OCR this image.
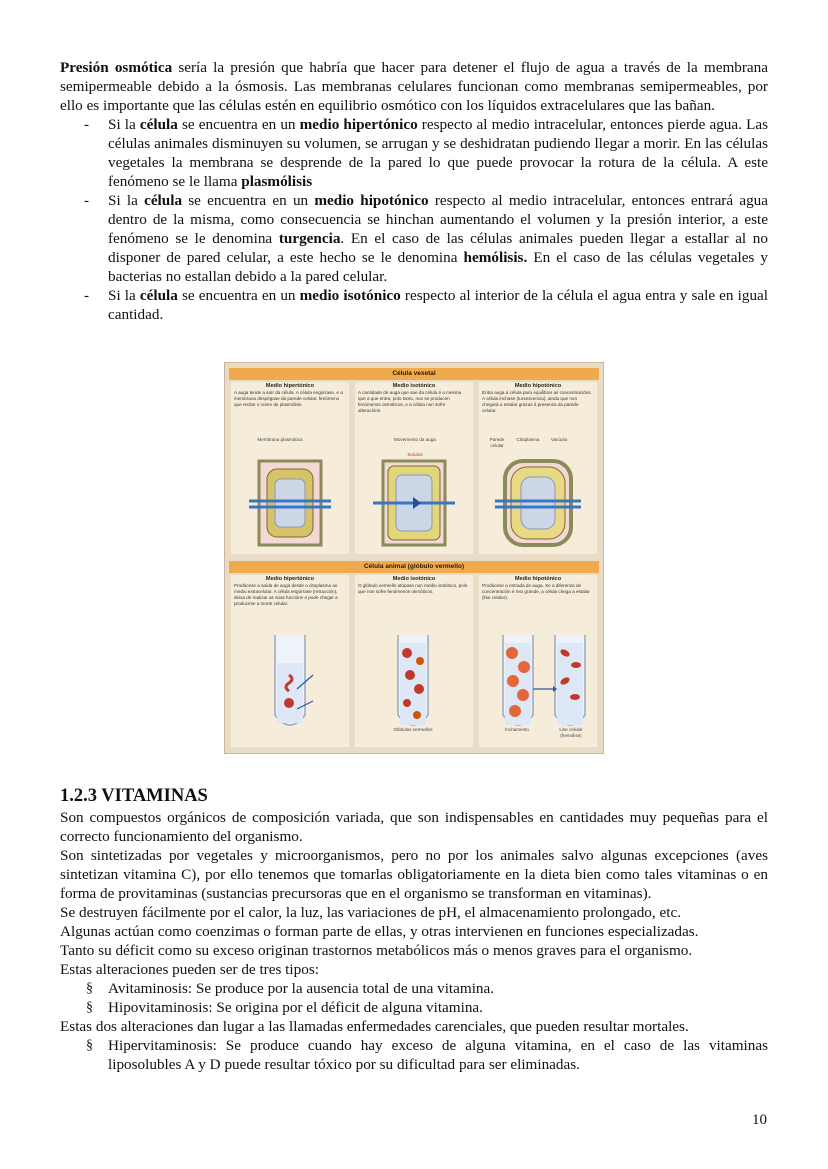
Presión osmótica sería la presión que habría que hacer para detener el flujo de agua a través de la membrana semipermeable debido a la ósmosis. Las membranas celulares funcionan como membranas semipermeables, por ello es importante que las células estén en equilibrio osmótico con los líquidos extracelulares que las bañan.
- Si la célula se encuentra en un medio hipertónico respecto al medio intracelular, entonces pierde agua. Las células animales disminuyen su volumen, se arrugan y se deshidratan pudiendo llegar a morir. En las células vegetales la membrana se desprende de la pared lo que puede provocar la rotura de la célula. A este fenómeno se le llama plasmólisis
- Si la célula se encuentra en un medio hipotónico respecto al medio intracelular, entonces entrará agua dentro de la misma, como consecuencia se hinchan aumentando el volumen y la presión interior, a este fenómeno se le denomina turgencia. En el caso de las células animales pueden llegar a estallar al no disponer de pared celular, a este hecho se le denomina hemólisis. En el caso de las células vegetales y bacterias no estallan debido a la pared celular.
- Si la célula se encuentra en un medio isotónico respecto al interior de la célula el agua entra y sale en igual cantidad.
Célula vexetal
Medio hipertónico
A auga tende a saír da célula. A célula engúrrase, e a membrana despégase da parede celular, fenómeno que recibe o nome de plasmólise.
Medio isotónico
A cantidade de auga que sae da célula é a mesma que a que entra; polo tanto, non se producen fenómenos osmóticos, e a célula non sofre alteracións.
Medio hipotónico
Entra auga á célula para equilibrar as concentracións. A célula inchase (turxescencia), ainda que non chegará a estalar grazas á presenza da parede celular.
Membrana plasmática	Movemento da auga
Solutos
Parede celular
Citoplasma	Vacúola
Célula animal (glóbulo vermello)
Medio hipertónico
Prodúcese a saída de auga desde o citoplasma ao medio extracelular. A célula engúrrase (retracción), deixa de realizar as súas funcións e pode chegar a producirse a morte celular.
Medio isotónico
O glóbulo vermello atópase nun medio isotónico, polo que non sofre fenómenos osmóticos.
Medio hipotónico
Prodúcese a entrada de auga. Se a diferenza de concentración é moi grande, a célula chega a estalar (lise celular).
Glóbulos vermellos	Inchamento	Lise celular (hemólise)
1.2.3 VITAMINAS
Son compuestos orgánicos de composición variada, que son indispensables en cantidades muy pequeñas para el correcto funcionamiento del organismo.
Son sintetizadas por vegetales y microorganismos, pero no por los animales salvo algunas excepciones (aves sintetizan vitamina C), por ello tenemos que tomarlas obligatoriamente en la dieta bien como tales vitaminas o en forma de provitaminas (sustancias precursoras que en el organismo se transforman en vitaminas).
Se destruyen fácilmente por el calor, la luz, las variaciones de pH, el almacenamiento prolongado, etc.
Algunas actúan como coenzimas o forman parte de ellas, y otras intervienen en funciones especializadas.
Tanto su déficit como su exceso originan trastornos metabólicos más o menos graves para el organismo.
Estas alteraciones pueden ser de tres tipos:
§ Avitaminosis: Se produce por la ausencia total de una vitamina.
§ Hipovitaminosis: Se origina por el déficit de alguna vitamina.
Estas dos alteraciones dan lugar a las llamadas enfermedades carenciales, que pueden resultar mortales.
§ Hipervitaminosis: Se produce cuando hay exceso de alguna vitamina, en el caso de las vitaminas liposolubles A y D puede resultar tóxico por su dificultad para ser eliminadas.
10
